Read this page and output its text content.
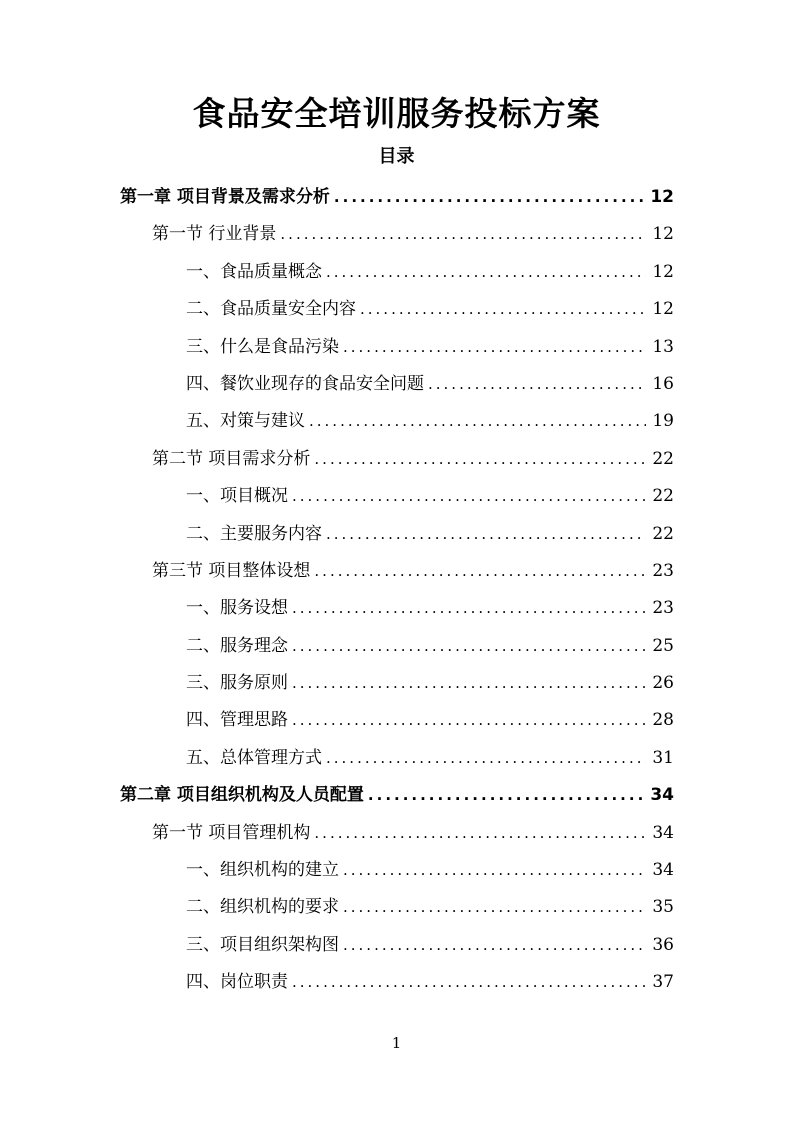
食品安全培训服务投标方案
目录
第一章 项目背景及需求分析 .....	12
第一节 行业背景 .....	12
一、食品质量概念 .....	12
二、食品质量安全内容 .....	12
三、什么是食品污染 .....	13
四、餐饮业现存的食品安全问题 .....	16
五、对策与建议 .....	19
第二节 项目需求分析 .....	22
一、项目概况 .....	22
二、主要服务内容 .....	22
第三节 项目整体设想 .....	23
一、服务设想 .....	23
二、服务理念 .....	25
三、服务原则 .....	26
四、管理思路 .....	28
五、总体管理方式 .....	31
第二章 项目组织机构及人员配置 .....	34
第一节 项目管理机构 .....	34
一、组织机构的建立 .....	34
二、组织机构的要求 .....	35
三、项目组织架构图 .....	36
四、岗位职责 .....	37
1
